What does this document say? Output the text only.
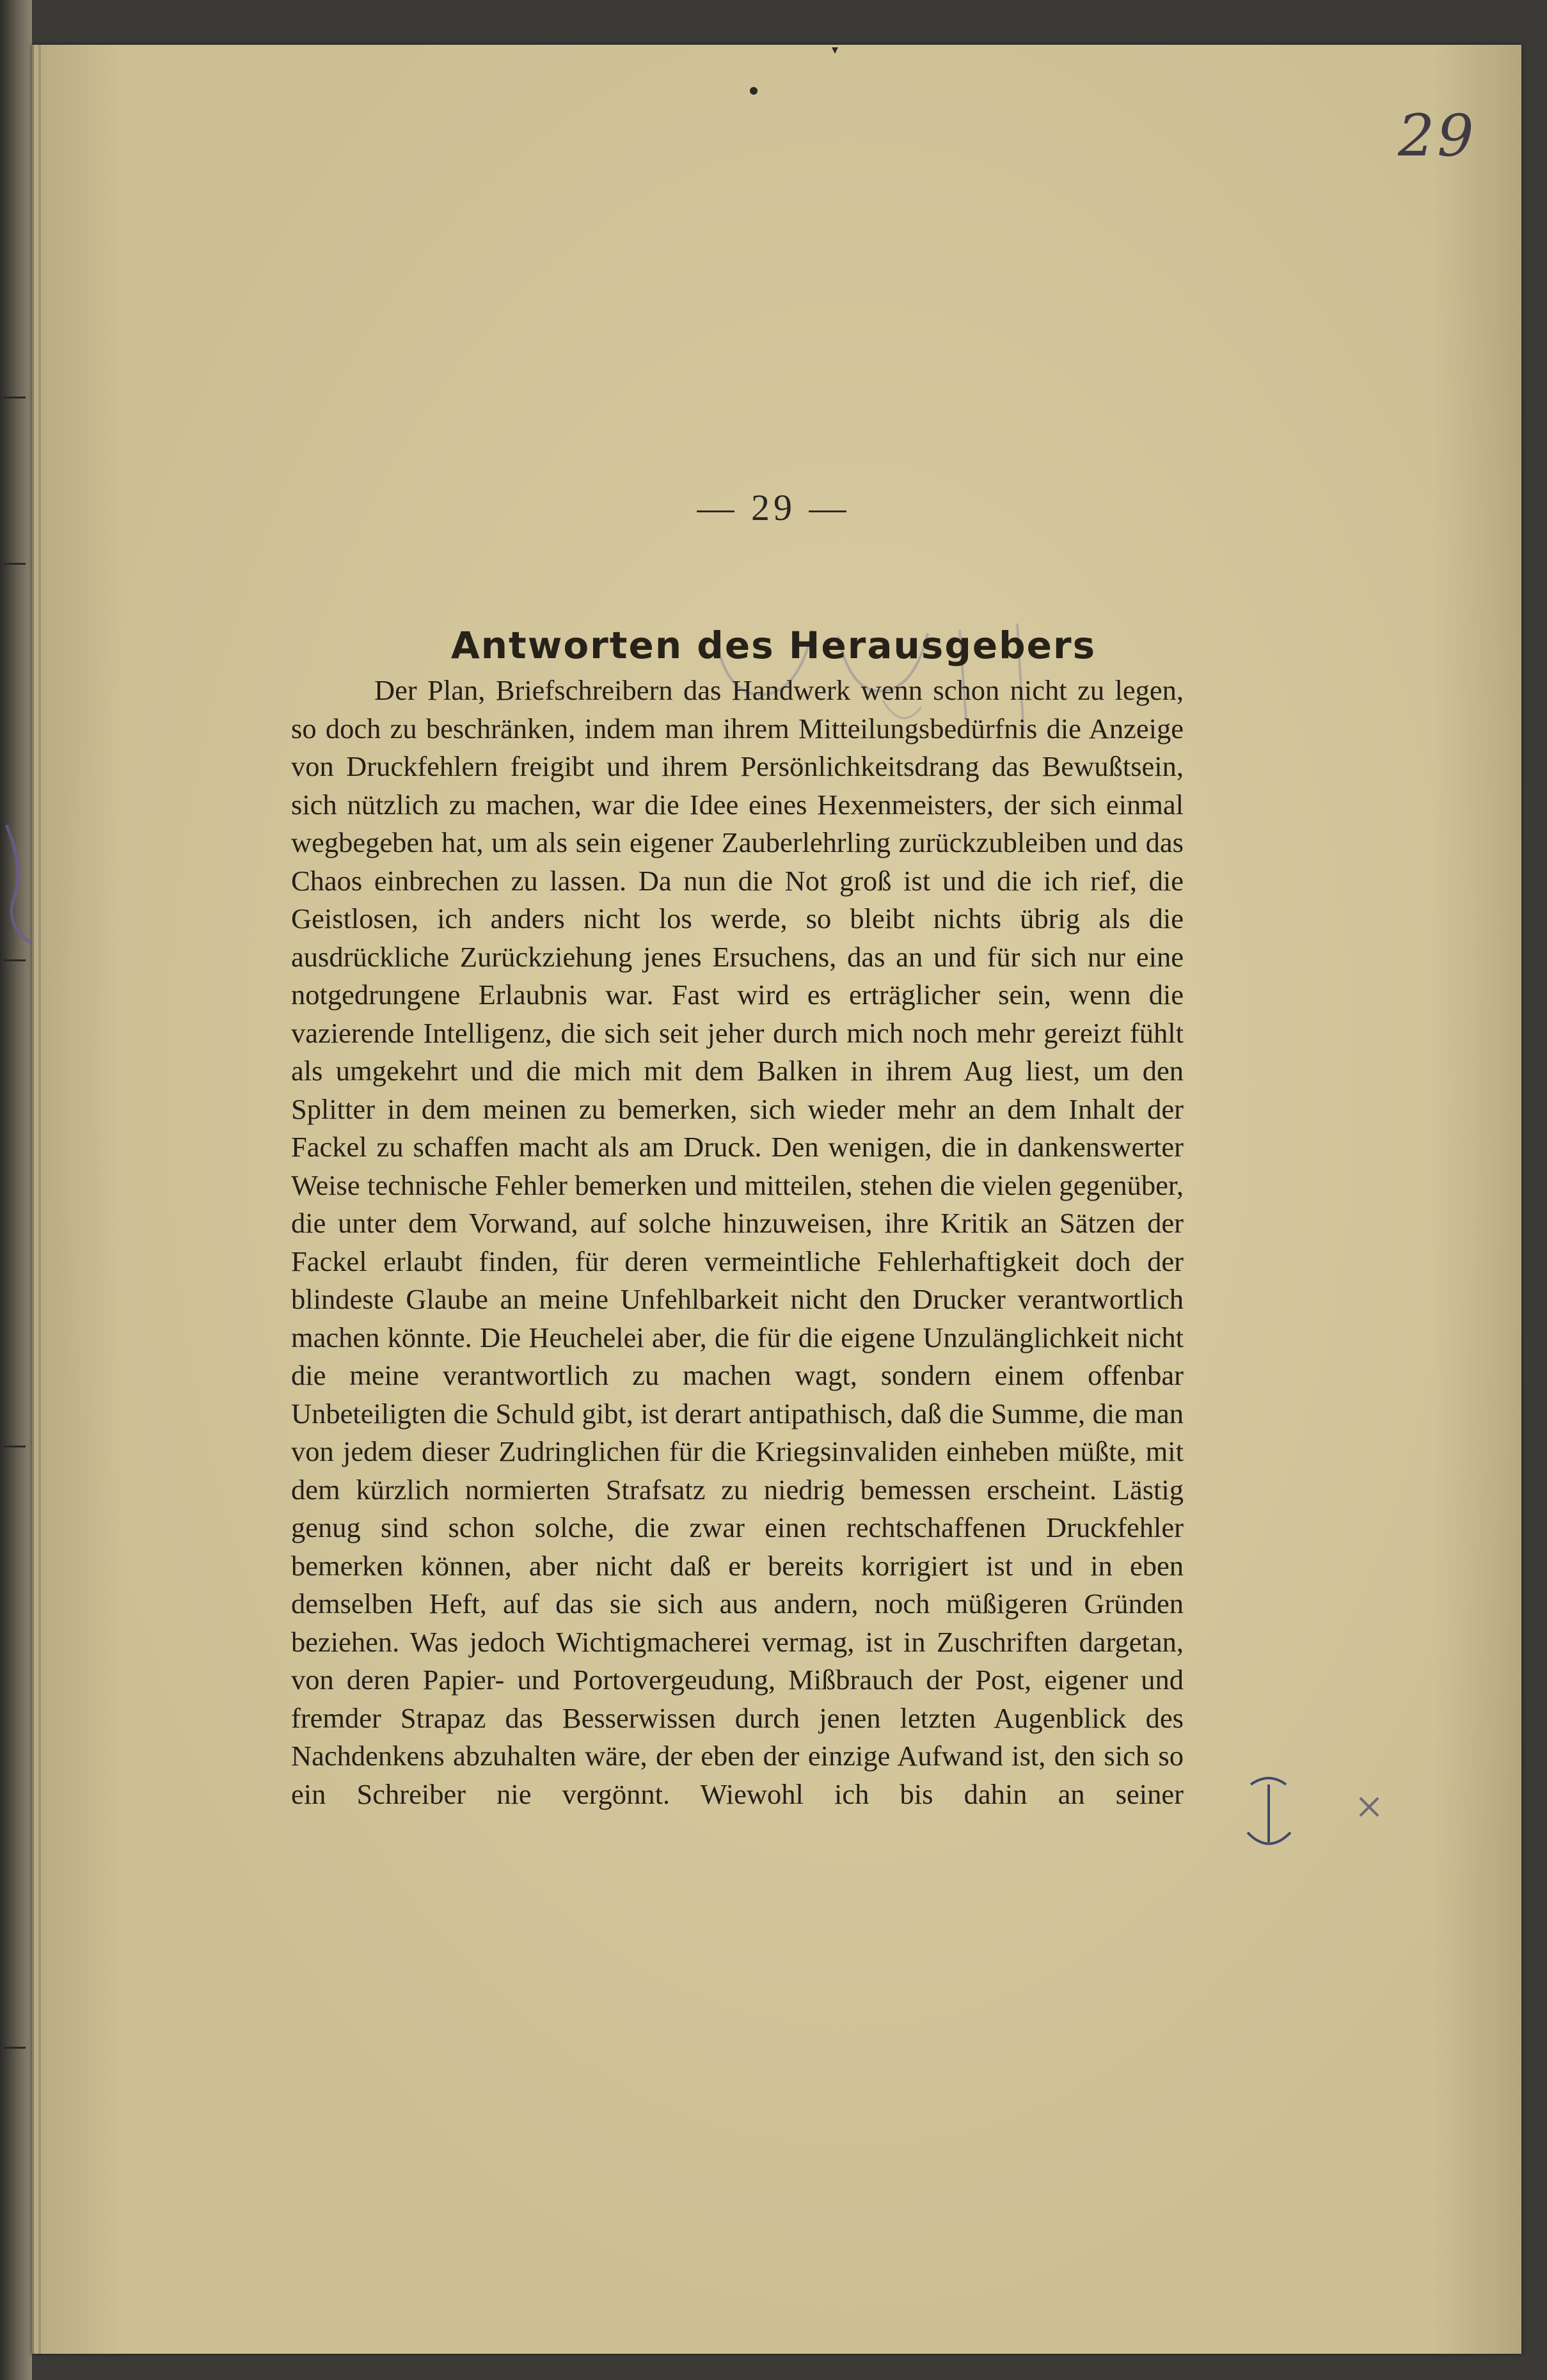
29
— 29 —
Antworten des Herausgebers

Der Plan, Briefschreibern das Handwerk wenn schon nicht zu legen, so doch zu beschränken, indem man ihrem Mitteilungsbedürfnis die Anzeige von Druckfehlern freigibt und ihrem Persönlichkeitsdrang das Bewußtsein, sich nützlich zu machen, war die Idee eines Hexenmeisters, der sich einmal wegbegeben hat, um als sein eigener Zauberlehrling zurückzubleiben und das Chaos einbrechen zu lassen. Da nun die Not groß ist und die ich rief, die Geistlosen, ich anders nicht los werde, so bleibt nichts übrig als die ausdrückliche Zurückziehung jenes Ersuchens, das an und für sich nur eine notgedrungene Erlaubnis war. Fast wird es erträglicher sein, wenn die vazierende Intelligenz, die sich seit jeher durch mich noch mehr gereizt fühlt als umgekehrt und die mich mit dem Balken in ihrem Aug liest, um den Splitter in dem meinen zu bemerken, sich wieder mehr an dem Inhalt der Fackel zu schaffen macht als am Druck. Den wenigen, die in dankenswerter Weise technische Fehler bemerken und mitteilen, stehen die vielen gegenüber, die unter dem Vorwand, auf solche hinzuweisen, ihre Kritik an Sätzen der Fackel erlaubt finden, für deren vermeintliche Fehlerhaftigkeit doch der blindeste Glaube an meine Unfehlbarkeit nicht den Drucker verantwortlich machen könnte. Die Heuchelei aber, die für die eigene Unzulänglichkeit nicht die meine verantwortlich zu machen wagt, sondern einem offenbar Unbeteiligten die Schuld gibt, ist derart antipathisch, daß die Summe, die man von jedem dieser Zudringlichen für die Kriegsinvaliden einheben müßte, mit dem kürzlich normierten Strafsatz zu niedrig bemessen erscheint. Lästig genug sind schon solche, die zwar einen rechtschaffenen Druckfehler bemerken können, aber nicht daß er bereits korrigiert ist und in eben demselben Heft, auf das sie sich aus andern, noch müßigeren Gründen beziehen. Was jedoch Wichtigmacherei vermag, ist in Zuschriften dargetan, von deren Papier- und Portovergeudung, Mißbrauch der Post, eigener und fremder Strapaz das Besserwissen durch jenen letzten Augenblick des Nachdenkens abzuhalten wäre, der eben der einzige Aufwand ist, den sich so ein Schreiber nie vergönnt. Wiewohl ich bis dahin an seiner
